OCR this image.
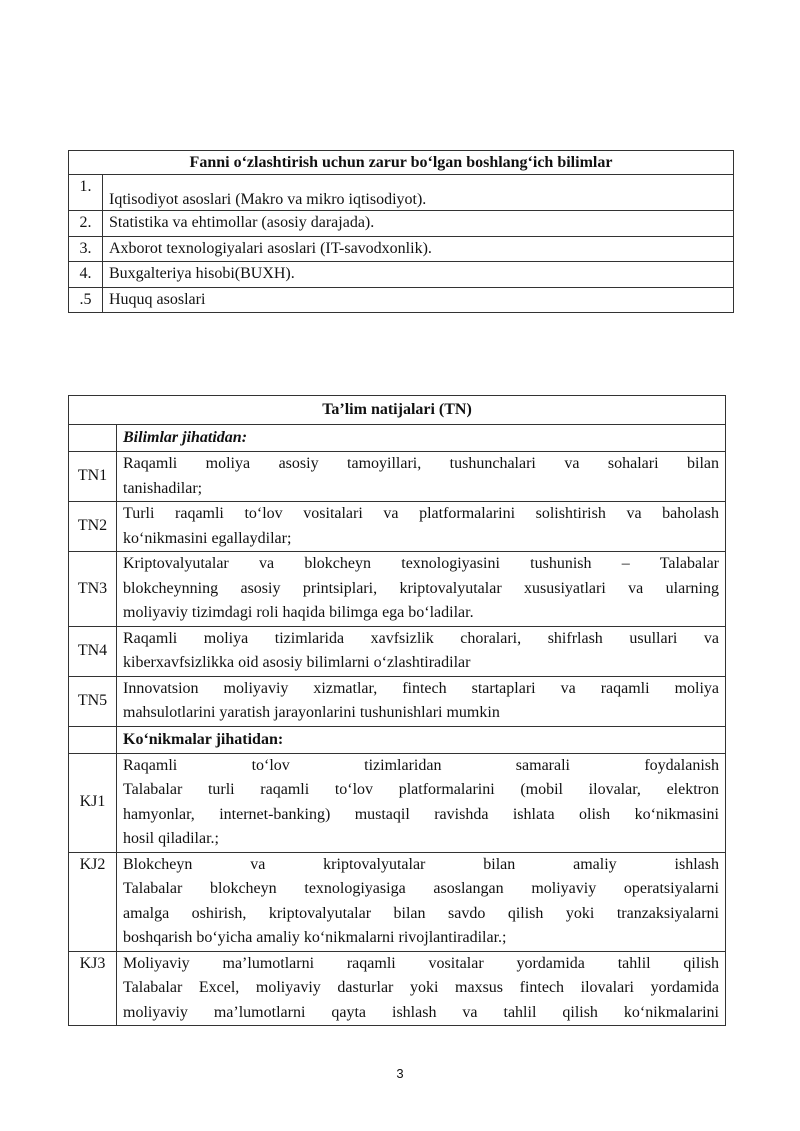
Fanni o‘zlashtirish uchun zarur bo‘lgan boshlang‘ich bilimlar	
1.	Iqtisodiyot asoslari (Makro va mikro iqtisodiyot).
2.	Statistika va ehtimollar (asosiy darajada).
3.	Axborot texnologiyalari asoslari (IT-savodxonlik).
4.	Buxgalteriya hisobi(BUXH).
.5	Huquq asoslari
Ta’lim natijalari (TN)	
	Bilimlar jihatidan:
TN1	Raqamli moliya asosiy tamoyillari, tushunchalari va sohalari bilan
tanishadilar;

TN2	Turli raqamli to‘lov vositalari va platformalarini solishtirish va baholash
ko‘nikmasini egallaydilar;

TN3	Kriptovalyutalar va blokcheyn texnologiyasini tushunish – Talabalar
blokcheynning asosiy printsiplari, kriptovalyutalar xususiyatlari va ularning
moliyaviy tizimdagi roli haqida bilimga ega bo‘ladilar.

TN4	Raqamli moliya tizimlarida xavfsizlik choralari, shifrlash usullari va
kiberxavfsizlikka oid asosiy bilimlarni o‘zlashtiradilar

TN5	Innovatsion moliyaviy xizmatlar, fintech startaplari va raqamli moliya
mahsulotlarini yaratish jarayonlarini tushunishlari mumkin

	Ko‘nikmalar jihatidan:
KJ1	Raqamli to‘lov tizimlaridan samarali foydalanish
Talabalar turli raqamli to‘lov platformalarini (mobil ilovalar, elektron
hamyonlar, internet-banking) mustaqil ravishda ishlata olish ko‘nikmasini
hosil qiladilar.;

KJ2	Blokcheyn va kriptovalyutalar bilan amaliy ishlash
Talabalar blokcheyn texnologiyasiga asoslangan moliyaviy operatsiyalarni
amalga oshirish, kriptovalyutalar bilan savdo qilish yoki tranzaksiyalarni
boshqarish bo‘yicha amaliy ko‘nikmalarni rivojlantiradilar.;

KJ3	Moliyaviy ma’lumotlarni raqamli vositalar yordamida tahlil qilish
Talabalar Excel, moliyaviy dasturlar yoki maxsus fintech ilovalari yordamida
moliyaviy ma’lumotlarni qayta ishlash va tahlil qilish ko‘nikmalarini
3
